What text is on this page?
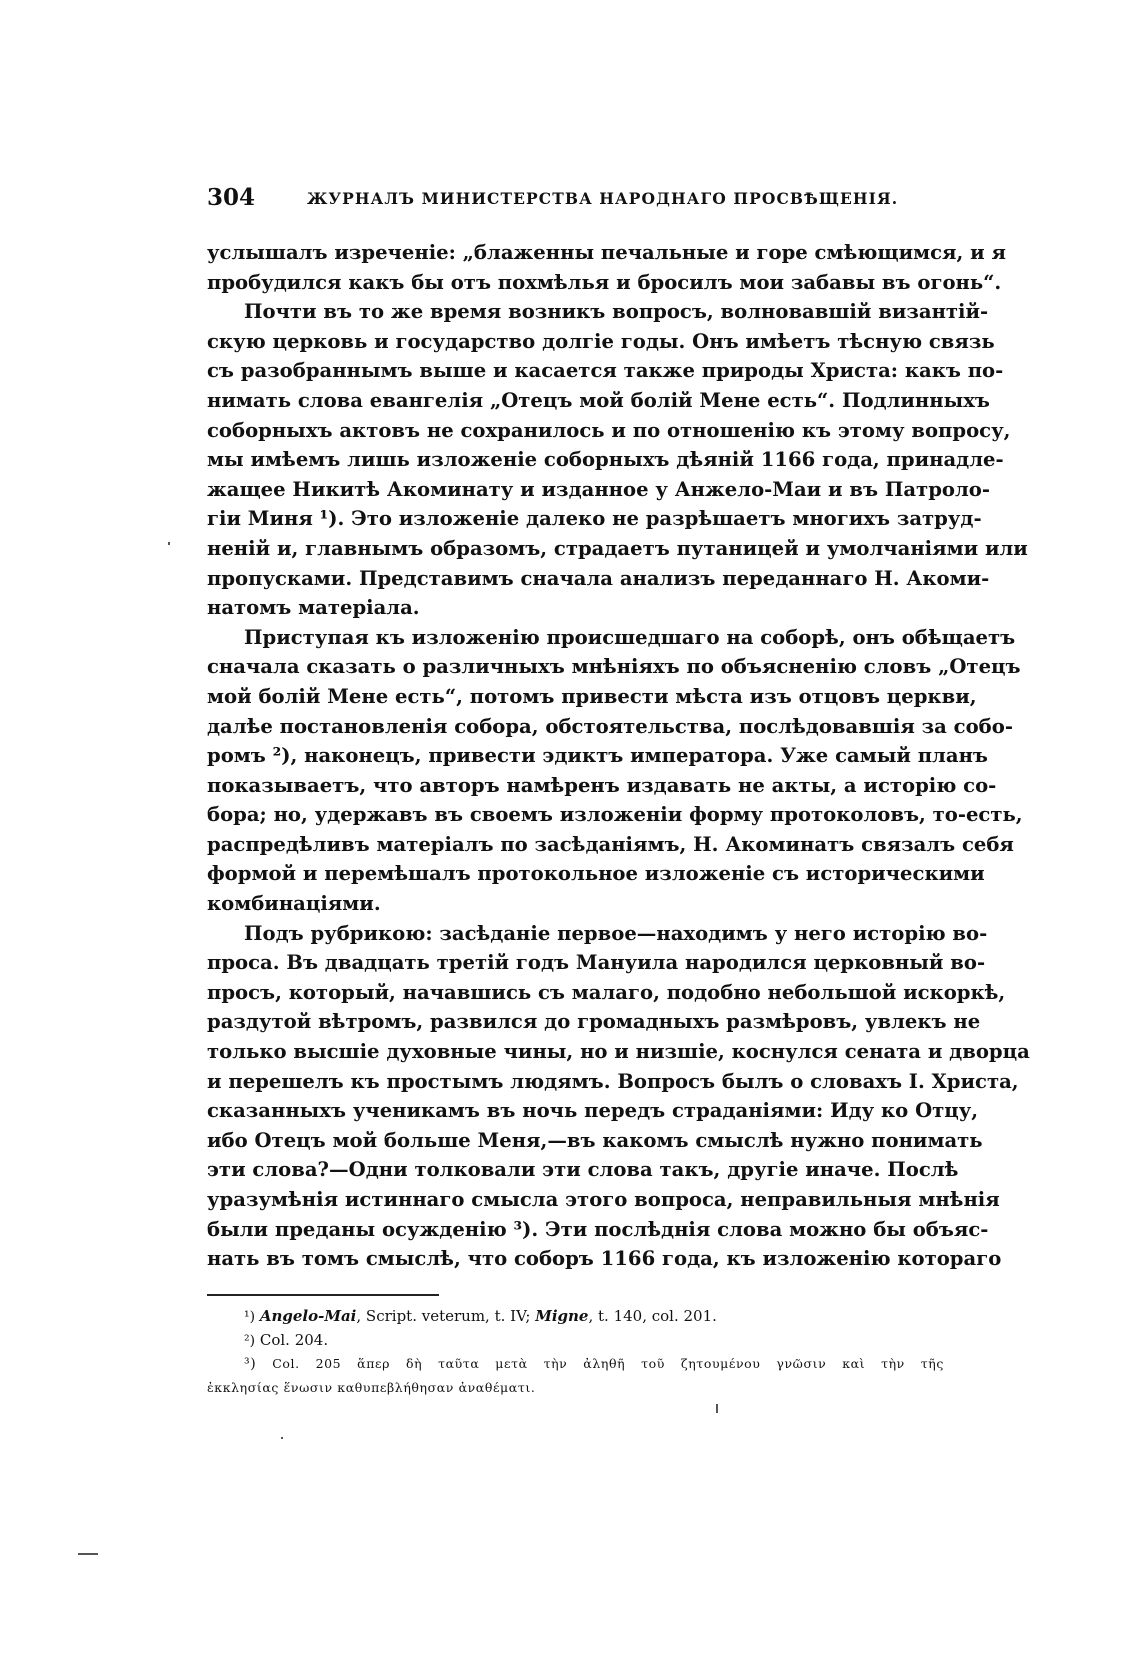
304	ЖУРНАЛЪ МИНИСТЕРСТВА НАРОДНАГО ПРОСВѢЩЕНІЯ.
услышалъ изреченіе: „блаженны печальные и горе смѣющимся, и я
пробудился какъ бы отъ похмѣлья и бросилъ мои забавы въ огонь“.
Почти въ то же время возникъ вопросъ, волновавшій византій-
скую церковь и государство долгіе годы. Онъ имѣетъ тѣсную связь
съ разобраннымъ выше и касается также природы Христа: какъ по-
нимать слова евангелія „Отецъ мой болій Мене есть“. Подлинныхъ
соборныхъ актовъ не сохранилось и по отношенію къ этому вопросу,
мы имѣемъ лишь изложеніе соборныхъ дѣяній 1166 года, принадле-
жащее Никитѣ Акоминату и изданное у Анжело-Маи и въ Патроло-
гіи Миня ¹). Это изложеніе далеко не разрѣшаетъ многихъ затруд-
неній и, главнымъ образомъ, страдаетъ путаницей и умолчаніями или
пропусками. Представимъ сначала анализъ переданнаго Н. Акоми-
натомъ матеріала.
Приступая къ изложенію происшедшаго на соборѣ, онъ обѣщаетъ
сначала сказать о различныхъ мнѣніяхъ по объясненію словъ „Отецъ
мой болій Мене есть“, потомъ привести мѣста изъ отцовъ церкви,
далѣе постановленія собора, обстоятельства, послѣдовавшія за собо-
ромъ ²), наконецъ, привести эдиктъ императора. Уже самый планъ
показываетъ, что авторъ намѣренъ издавать не акты, а исторію со-
бора; но, удержавъ въ своемъ изложеніи форму протоколовъ, то-есть,
распредѣливъ матеріалъ по засѣданіямъ, Н. Акоминатъ связалъ себя
формой и перемѣшалъ протокольное изложеніе съ историческими
комбинаціями.
Подъ рубрикою: засѣданіе первое—находимъ у него исторію во-
проса. Въ двадцать третій годъ Мануила народился церковный во-
просъ, который, начавшись съ малаго, подобно небольшой искоркѣ,
раздутой вѣтромъ, развился до громадныхъ размѣровъ, увлекъ не
только высшіе духовные чины, но и низшіе, коснулся сената и дворца
и перешелъ къ простымъ людямъ. Вопросъ былъ о словахъ І. Христа,
сказанныхъ ученикамъ въ ночь передъ страданіями: Иду ко Отцу,
ибо Отецъ мой больше Меня,—въ какомъ смыслѣ нужно понимать
эти слова?—Одни толковали эти слова такъ, другіе иначе. Послѣ
уразумѣнія истиннаго смысла этого вопроса, неправильныя мнѣнія
были преданы осужденію ³). Эти послѣднія слова можно бы объяс-
нать въ томъ смыслѣ, что соборъ 1166 года, къ изложенію котораго
¹) Angelo-Mai, Script. veterum, t. IV; Migne, t. 140, col. 201.
²) Col. 204.
³) Col. 205 ἅπερ δὴ ταῦτα μετὰ τὴν ἀληθῆ τοῦ ζητουμένου γνῶσιν καὶ τὴν τῆς
ἐκκλησίας ἕνωσιν καθυπεβλήθησαν ἀναθέματι.
